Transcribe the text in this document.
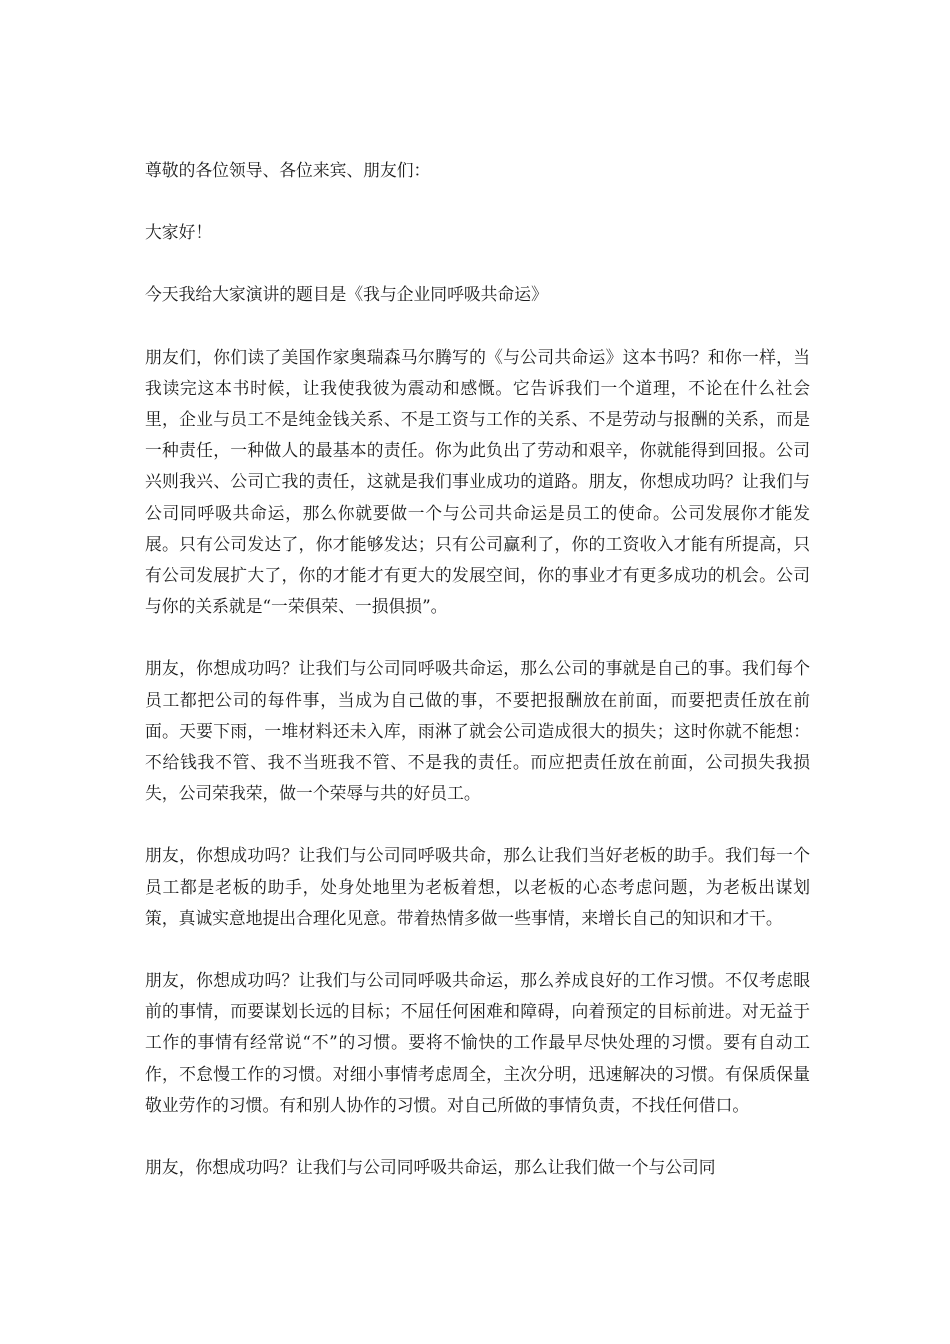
尊敬的各位领导、各位来宾、朋友们：

大家好！

今天我给大家演讲的题目是《我与企业同呼吸共命运》

朋友们，你们读了美国作家奥瑞森马尔腾写的《与公司共命运》这本书吗？和你一样，当我读完这本书时候，让我使我彼为震动和感慨。它告诉我们一个道理，不论在什么社会里，企业与员工不是纯金钱关系、不是工资与工作的关系、不是劳动与报酬的关系，而是一种责任，一种做人的最基本的责任。你为此负出了劳动和艰辛，你就能得到回报。公司兴则我兴、公司亡我的责任，这就是我们事业成功的道路。朋友，你想成功吗？让我们与公司同呼吸共命运，那么你就要做一个与公司共命运是员工的使命。公司发展你才能发展。只有公司发达了，你才能够发达；只有公司赢利了，你的工资收入才能有所提高，只有公司发展扩大了，你的才能才有更大的发展空间，你的事业才有更多成功的机会。公司与你的关系就是“一荣俱荣、一损俱损”。

朋友，你想成功吗？让我们与公司同呼吸共命运，那么公司的事就是自己的事。我们每个员工都把公司的每件事，当成为自己做的事，不要把报酬放在前面，而要把责任放在前面。天要下雨，一堆材料还未入库，雨淋了就会公司造成很大的损失；这时你就不能想：不给钱我不管、我不当班我不管、不是我的责任。而应把责任放在前面，公司损失我损失，公司荣我荣，做一个荣辱与共的好员工。

朋友，你想成功吗？让我们与公司同呼吸共命，那么让我们当好老板的助手。我们每一个员工都是老板的助手，处身处地里为老板着想，以老板的心态考虑问题，为老板出谋划策，真诚实意地提出合理化见意。带着热情多做一些事情，来增长自己的知识和才干。

朋友，你想成功吗？让我们与公司同呼吸共命运，那么养成良好的工作习惯。不仅考虑眼前的事情，而要谋划长远的目标；不屈任何困难和障碍，向着预定的目标前进。对无益于工作的事情有经常说“不”的习惯。要将不愉快的工作最早尽快处理的习惯。要有自动工作，不怠慢工作的习惯。对细小事情考虑周全，主次分明，迅速解决的习惯。有保质保量敬业劳作的习惯。有和别人协作的习惯。对自己所做的事情负责，不找任何借口。

朋友，你想成功吗？让我们与公司同呼吸共命运，那么让我们做一个与公司同
